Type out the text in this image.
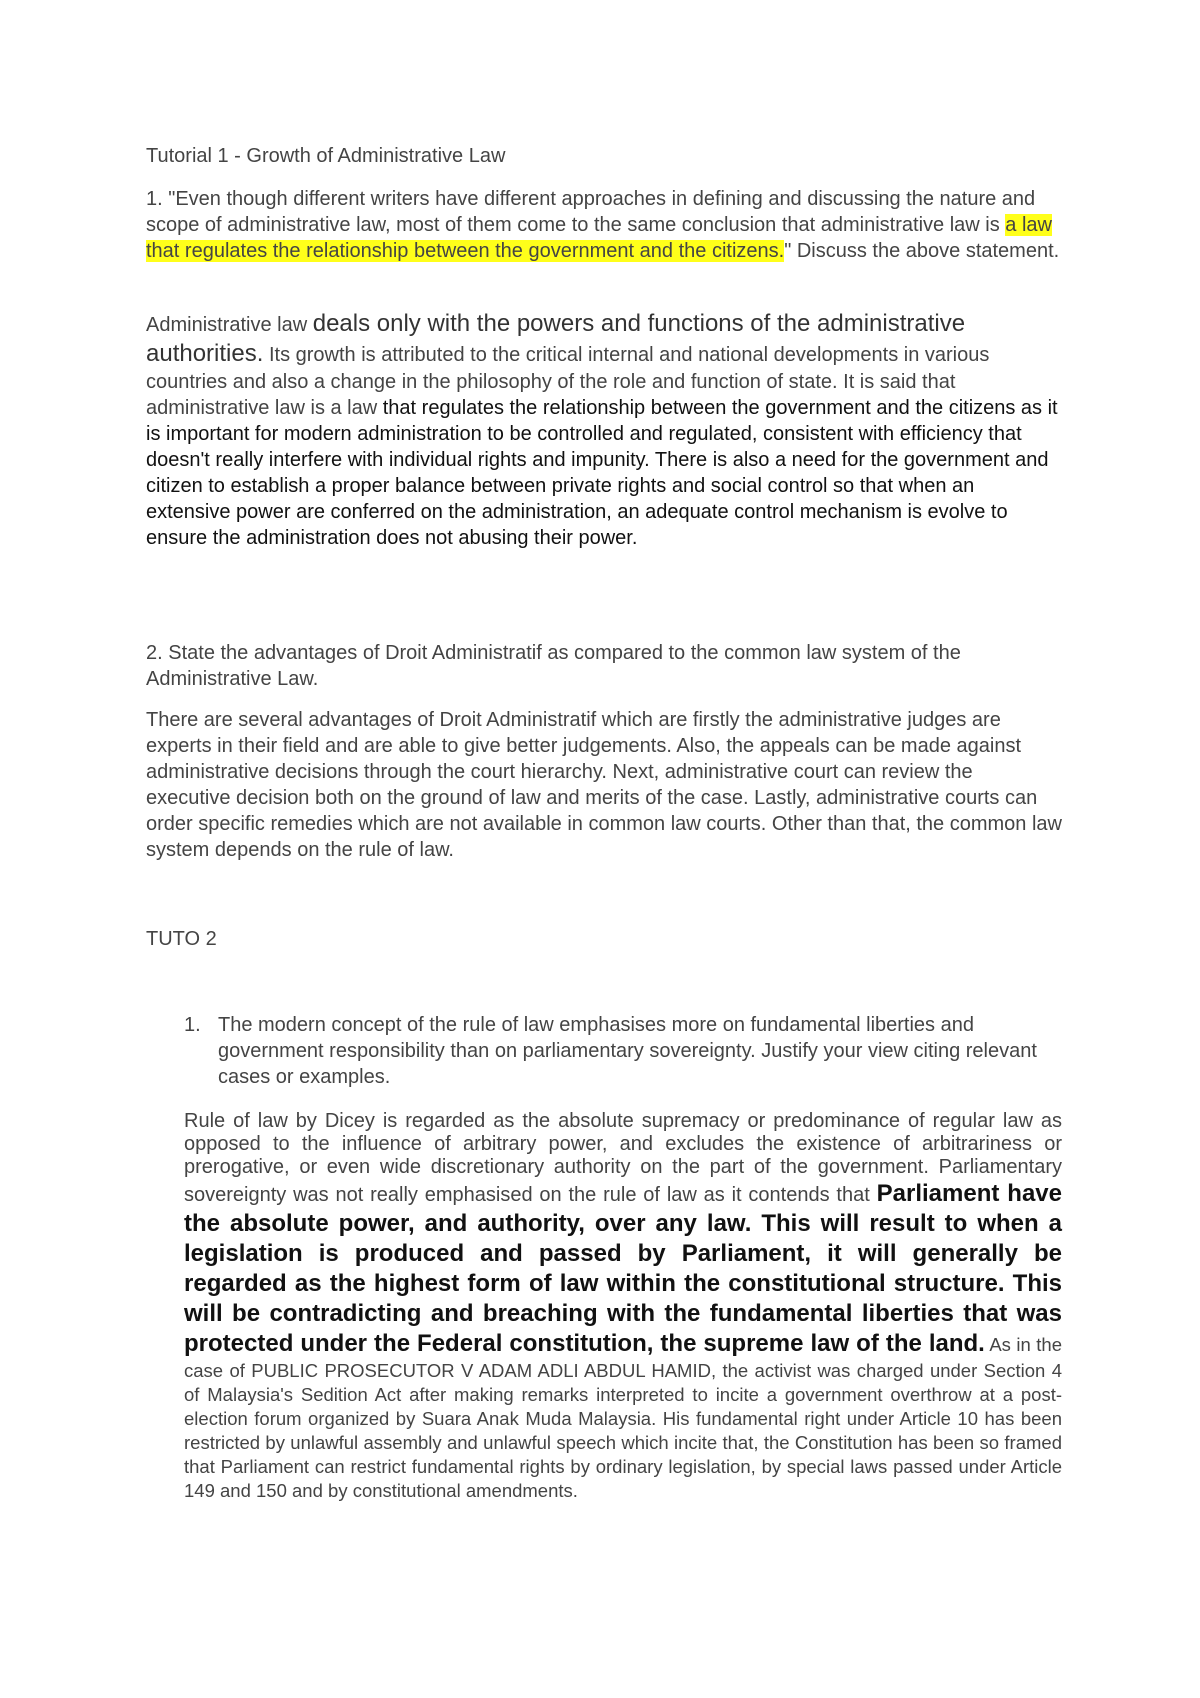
Tutorial 1 - Growth of Administrative Law

1. "Even though different writers have different approaches in defining and discussing the nature and scope of administrative law, most of them come to the same conclusion that administrative law is a law that regulates the relationship between the government and the citizens." Discuss the above statement.

Administrative law deals only with the powers and functions of the administrative authorities. Its growth is attributed to the critical internal and national developments in various countries and also a change in the philosophy of the role and function of state. It is said that administrative law is a law that regulates the relationship between the government and the citizens as it is important for modern administration to be controlled and regulated, consistent with efficiency that doesn't really interfere with individual rights and impunity. There is also a need for the government and citizen to establish a proper balance between private rights and social control so that when an extensive power are conferred on the administration, an adequate control mechanism is evolve to ensure the administration does not abusing their power.

2. State the advantages of Droit Administratif as compared to the common law system of the Administrative Law.

There are several advantages of Droit Administratif which are firstly the administrative judges are experts in their field and are able to give better judgements. Also, the appeals can be made against administrative decisions through the court hierarchy. Next, administrative court can review the executive decision both on the ground of law and merits of the case. Lastly, administrative courts can order specific remedies which are not available in common law courts. Other than that, the common law system depends on the rule of law.

TUTO 2

1. The modern concept of the rule of law emphasises more on fundamental liberties and government responsibility than on parliamentary sovereignty. Justify your view citing relevant cases or examples.

Rule of law by Dicey is regarded as the absolute supremacy or predominance of regular law as opposed to the influence of arbitrary power, and excludes the existence of arbitrariness or prerogative, or even wide discretionary authority on the part of the government. Parliamentary sovereignty was not really emphasised on the rule of law as it contends that Parliament have the absolute power, and authority, over any law. This will result to when a legislation is produced and passed by Parliament, it will generally be regarded as the highest form of law within the constitutional structure. This will be contradicting and breaching with the fundamental liberties that was protected under the Federal constitution, the supreme law of the land. As in the case of PUBLIC PROSECUTOR V ADAM ADLI ABDUL HAMID, the activist was charged under Section 4 of Malaysia's Sedition Act after making remarks interpreted to incite a government overthrow at a post-election forum organized by Suara Anak Muda Malaysia. His fundamental right under Article 10 has been restricted by unlawful assembly and unlawful speech which incite that, the Constitution has been so framed that Parliament can restrict fundamental rights by ordinary legislation, by special laws passed under Article 149 and 150 and by constitutional amendments.
